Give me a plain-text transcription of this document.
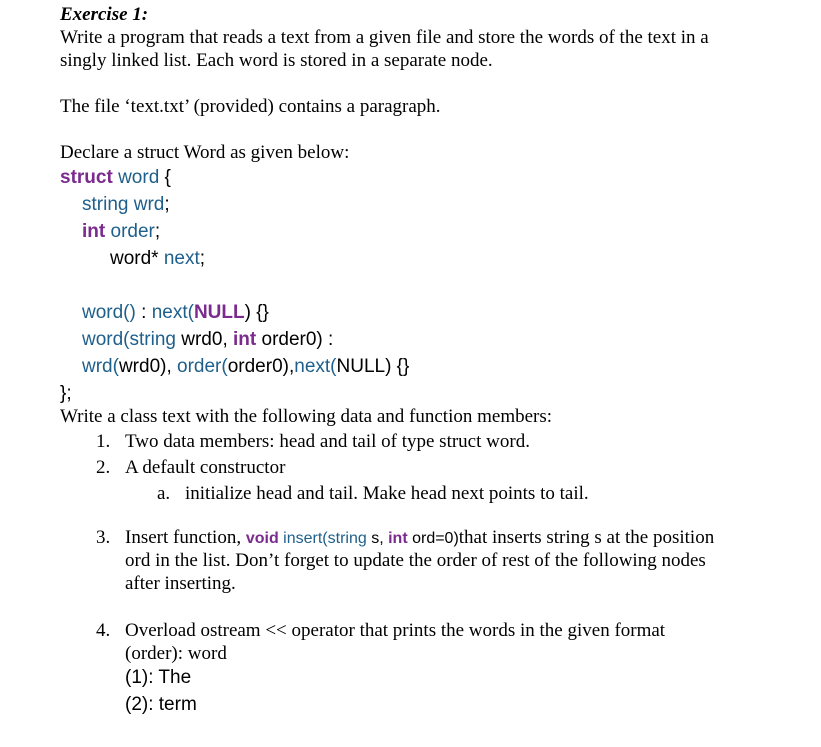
Exercise 1:
Write a program that reads a text from a given file and store the words of the text in a
singly linked list. Each word is stored in a separate node.
The file ‘text.txt’ (provided) contains a paragraph.
Declare a struct Word as given below:
struct word {
string wrd;
int order;
word* next;
word() : next(NULL) {}
word(string wrd0, int order0) :
wrd(wrd0), order(order0),next(NULL) {}
};
Write a class text with the following data and function members:
1. Two data members: head and tail of type struct word.
2. A default constructor
a. initialize head and tail. Make head next points to tail.
3. Insert function, void insert(string s, int ord=0)that inserts string s at the position
ord in the list. Don’t forget to update the order of rest of the following nodes
after inserting.
4. Overload ostream << operator that prints the words in the given format
(order): word
(1): The
(2): term
